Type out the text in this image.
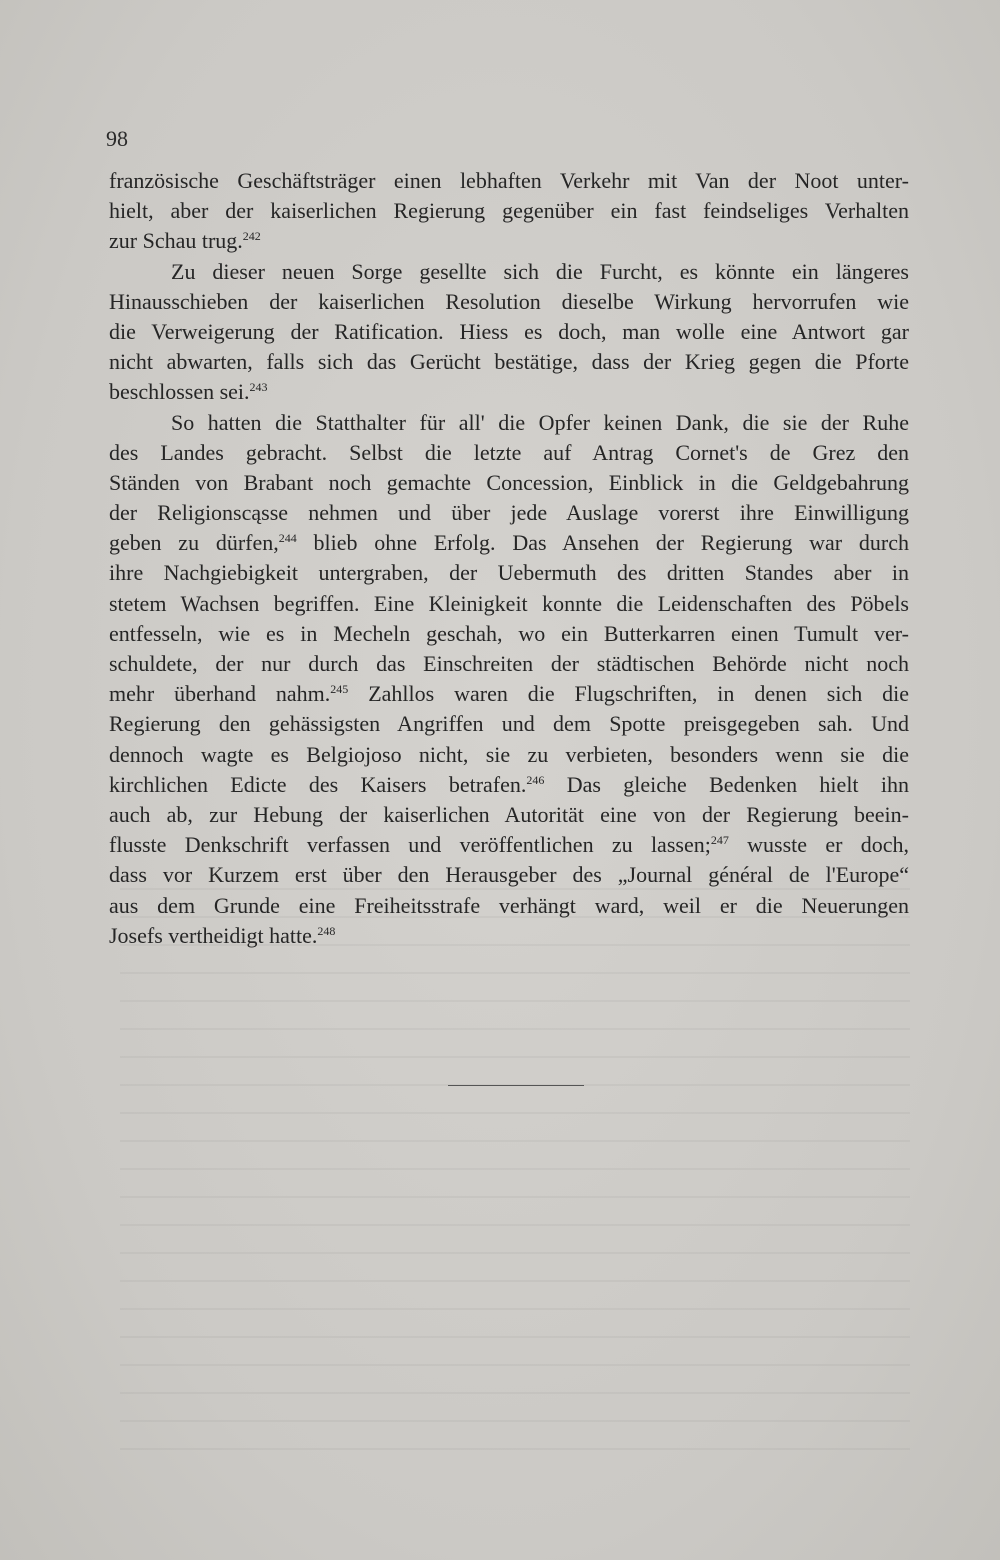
98
französische Geschäftsträger einen lebhaften Verkehr mit Van der Noot unter-
hielt, aber der kaiserlichen Regierung gegenüber ein fast feindseliges Verhalten
zur Schau trug.$^{242}$
Zu dieser neuen Sorge gesellte sich die Furcht, es könnte ein längeres
Hinausschieben der kaiserlichen Resolution dieselbe Wirkung hervorrufen wie
die Verweigerung der Ratification. Hiess es doch, man wolle eine Antwort gar
nicht abwarten, falls sich das Gerücht bestätige, dass der Krieg gegen die Pforte
beschlossen sei.$^{243}$
So hatten die Statthalter für all' die Opfer keinen Dank, die sie der Ruhe
des Landes gebracht. Selbst die letzte auf Antrag Cornet's de Grez den
Ständen von Brabant noch gemachte Concession, Einblick in die Geldgebahrung
der Religionscąsse nehmen und über jede Auslage vorerst ihre Einwilligung
geben zu dürfen,$^{244}$ blieb ohne Erfolg. Das Ansehen der Regierung war durch
ihre Nachgiebigkeit untergraben, der Uebermuth des dritten Standes aber in
stetem Wachsen begriffen. Eine Kleinigkeit konnte die Leidenschaften des Pöbels
entfesseln, wie es in Mecheln geschah, wo ein Butterkarren einen Tumult ver-
schuldete, der nur durch das Einschreiten der städtischen Behörde nicht noch
mehr überhand nahm.$^{245}$ Zahllos waren die Flugschriften, in denen sich die
Regierung den gehässigsten Angriffen und dem Spotte preisgegeben sah. Und
dennoch wagte es Belgiojoso nicht, sie zu verbieten, besonders wenn sie die
kirchlichen Edicte des Kaisers betrafen.$^{246}$ Das gleiche Bedenken hielt ihn
auch ab, zur Hebung der kaiserlichen Autorität eine von der Regierung beein-
flusste Denkschrift verfassen und veröffentlichen zu lassen;$^{247}$ wusste er doch,
dass vor Kurzem erst über den Herausgeber des „Journal général de l'Europe“
aus dem Grunde eine Freiheitsstrafe verhängt ward, weil er die Neuerungen
Josefs vertheidigt hatte.$^{248}$
